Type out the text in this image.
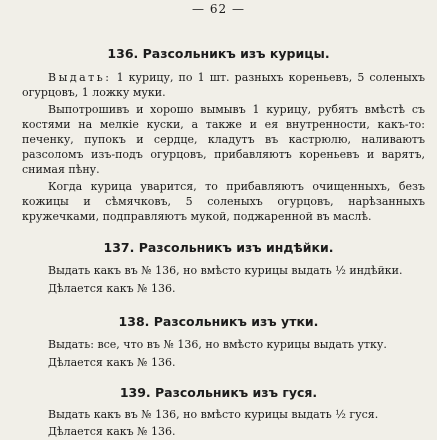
— 62 —
136. Разсольникъ изъ курицы.

Выдать: 1 курицу, по 1 шт. разныхъ кореньевъ, 5 соленыхъ огурцовъ, 1 ложку муки.

Выпотрошивъ и хорошо вымывъ 1 курицу, рубятъ вмѣстѣ съ костями на мелкіе куски, а также и ея внутренности, какъ-то: печенку, пупокъ и сердце, кладутъ въ кастрюлю, наливаютъ разсоломъ изъ-подъ огурцовъ, прибавляютъ кореньевъ и варятъ, снимая пѣну.

Когда курица уварится, то прибавляютъ очищенныхъ, безъ кожицы и сѣмячковъ, 5 соленыхъ огурцовъ, нарѣзанныхъ кружечками, подправляютъ мукой, поджаренной въ маслѣ.

137. Разсольникъ изъ индѣйки.

Выдать какъ въ № 136, но вмѣсто курицы выдать ½ индѣйки.

Дѣлается какъ № 136.

138. Разсольникъ изъ утки.

Выдать: все, что въ № 136, но вмѣсто курицы выдать утку.

Дѣлается какъ № 136.

139. Разсольникъ изъ гуся.

Выдать какъ въ № 136, но вмѣсто курицы выдать ½ гуся.

Дѣлается какъ № 136.
